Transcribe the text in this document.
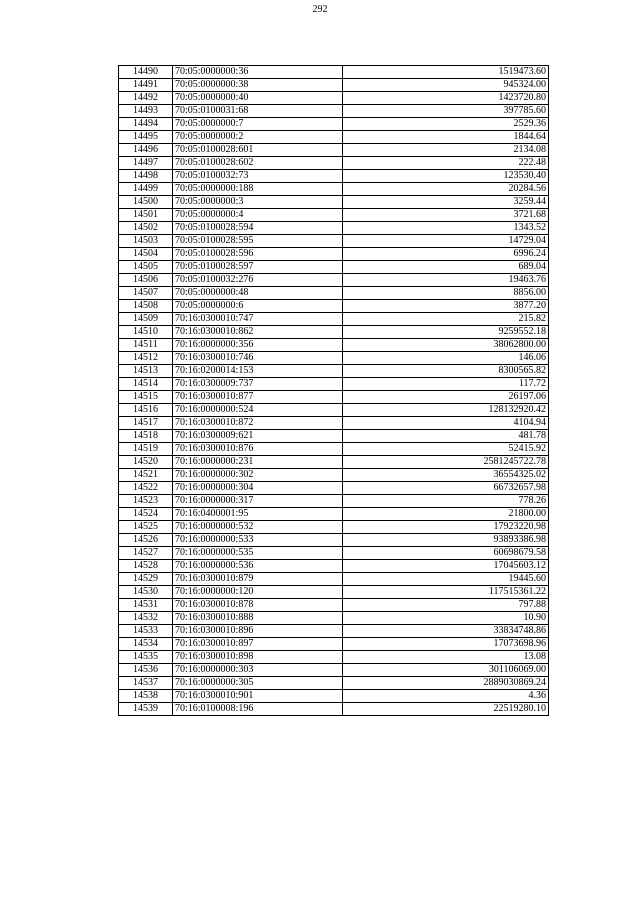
292
14490	70:05:0000000:36	1519473.60
14491	70:05:0000000:38	945324.00
14492	70:05:0000000:40	1423720.80
14493	70:05:0100031:68	397785.60
14494	70:05:0000000:7	2529.36
14495	70:05:0000000:2	1844.64
14496	70:05:0100028:601	2134.08
14497	70:05:0100028:602	222.48
14498	70:05:0100032:73	123530.40
14499	70:05:0000000:188	20284.56
14500	70:05:0000000:3	3259.44
14501	70:05:0000000:4	3721.68
14502	70:05:0100028:594	1343.52
14503	70:05:0100028:595	14729.04
14504	70:05:0100028:596	6996.24
14505	70:05:0100028:597	689.04
14506	70:05:0100032:276	19463.76
14507	70:05:0000000:48	8856.00
14508	70:05:0000000:6	3877.20
14509	70:16:0300010:747	215.82
14510	70:16:0300010:862	9259552.18
14511	70:16:0000000:356	38062800.00
14512	70:16:0300010:746	146.06
14513	70:16:0200014:153	8300565.82
14514	70:16:0300009:737	117.72
14515	70:16:0300010:877	26197.06
14516	70:16:0000000:524	128132920.42
14517	70:16:0300010:872	4104.94
14518	70:16:0300009:621	481.78
14519	70:16:0300010:876	52415.92
14520	70:16:0000000:231	2581245722.78
14521	70:16:0000000:302	36554325.02
14522	70:16:0000000:304	66732657.98
14523	70:16:0000000:317	778.26
14524	70:16:0400001:95	21800.00
14525	70:16:0000000:532	17923220.98
14526	70:16:0000000:533	93893386.98
14527	70:16:0000000:535	60698679.58
14528	70:16:0000000:536	17045603.12
14529	70:16:0300010:879	19445.60
14530	70:16:0000000:120	117515361.22
14531	70:16:0300010:878	797.88
14532	70:16:0300010:888	10.90
14533	70:16:0300010:896	33834748.86
14534	70:16:0300010:897	17073698.96
14535	70:16:0300010:898	13.08
14536	70:16:0000000:303	301106069.00
14537	70:16:0000000:305	2889030869.24
14538	70:16:0300010:901	4.36
14539	70:16:0100008:196	22519280.10
